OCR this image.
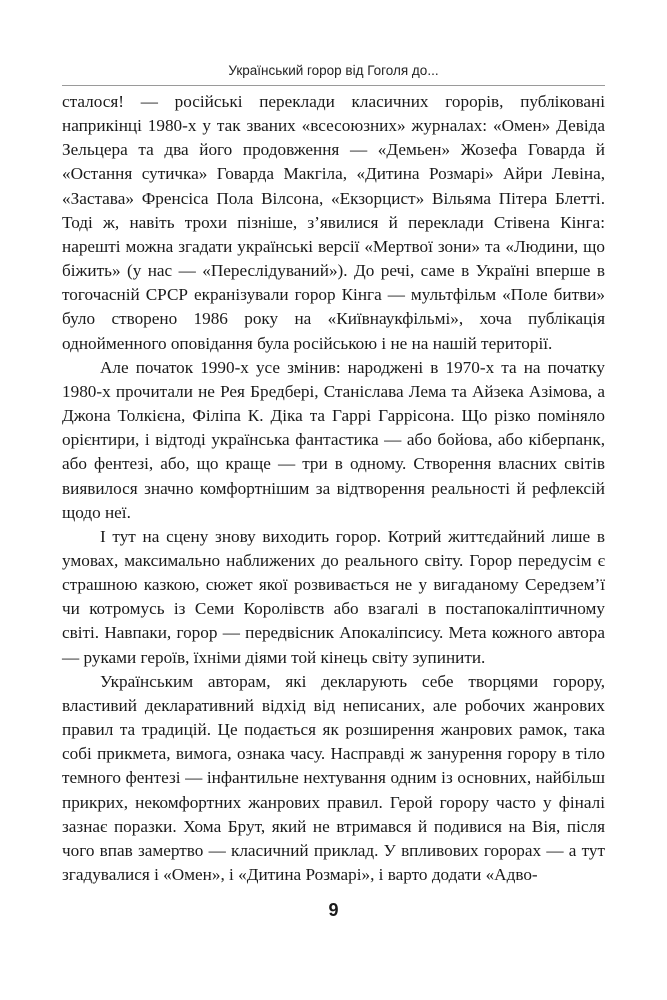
Український горор від Гоголя до...

сталося! — російські переклади класичних горорів, публіковані наприкінці 1980-х у так званих «всесоюзних» журналах: «Омен» Девіда Зельцера та два його продовження — «Демьен» Жозефа Говарда й «Остання сутичка» Говарда Макгіла, «Дитина Розмарі» Айри Левіна, «Застава» Френсіса Пола Вілсона, «Екзорцист» Вільяма Пітера Блетті. Тоді ж, навіть трохи пізніше, з’явилися й переклади Стівена Кінга: нарешті можна згадати українські версії «Мертвої зони» та «Людини, що біжить» (у нас — «Переслідуваний»). До речі, саме в Україні вперше в тогочасній СРСР екранізували горор Кінга — мультфільм «Поле битви» було створено 1986 року на «Київнаукфільмі», хоча публікація однойменного оповідання була російською і не на нашій території.

Але початок 1990-х усе змінив: народжені в 1970-х та на початку 1980-х прочитали не Рея Бредбері, Станіслава Лема та Айзека Азімова, а Джона Толкієна, Філіпа К. Діка та Гаррі Гаррісона. Що різко поміняло орієнтири, і відтоді українська фантастика — або бойова, або кіберпанк, або фентезі, або, що краще — три в одному. Створення власних світів виявилося значно комфортнішим за відтворення реальності й рефлексій щодо неї.

І тут на сцену знову виходить горор. Котрий життєдайний лише в умовах, максимально наближених до реального світу. Горор передусім є страшною казкою, сюжет якої розвивається не у вигаданому Середзем’ї чи котромусь із Семи Королівств або взагалі в постапокаліптичному світі. Навпаки, горор — передвісник Апокаліпсису. Мета кожного автора — руками героїв, їхніми діями той кінець світу зупинити.

Українським авторам, які декларують себе творцями горору, властивий декларативний відхід від неписаних, але робочих жанрових правил та традицій. Це подається як розширення жанрових рамок, така собі прикмета, вимога, ознака часу. Насправді ж занурення горору в тіло темного фентезі — інфантильне нехтування одним із основних, найбільш прикрих, некомфортних жанрових правил. Герой горору часто у фіналі зазнає поразки. Хома Брут, який не втримався й подивися на Вія, після чого впав замертво — класичний приклад. У впливових горорах — а тут згадувалися і «Омен», і «Дитина Розмарі», і варто додати «Адво-

9
